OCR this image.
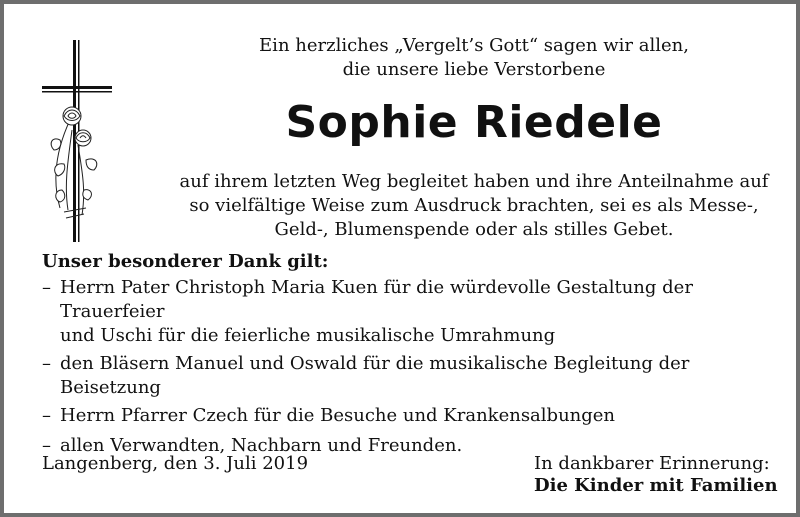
Ein herzliches „Vergelt’s Gott“ sagen wir allen,
die unsere liebe Verstorbene
Sophie Riedele
auf ihrem letzten Weg begleitet haben und ihre Anteilnahme auf
so vielfältige Weise zum Ausdruck brachten, sei es als Messe-,
Geld-, Blumenspende oder als stilles Gebet.
Unser besonderer Dank gilt:
– Herrn Pater Christoph Maria Kuen für die würdevolle Gestaltung der Trauerfeier
und Uschi für die feierliche musikalische Umrahmung
– den Bläsern Manuel und Oswald für die musikalische Begleitung der
Beisetzung
– Herrn Pfarrer Czech für die Besuche und Krankensalbungen
– allen Verwandten, Nachbarn und Freunden.
Langenberg, den 3. Juli 2019	In dankbarer Erinnerung:
Die Kinder mit Familien
